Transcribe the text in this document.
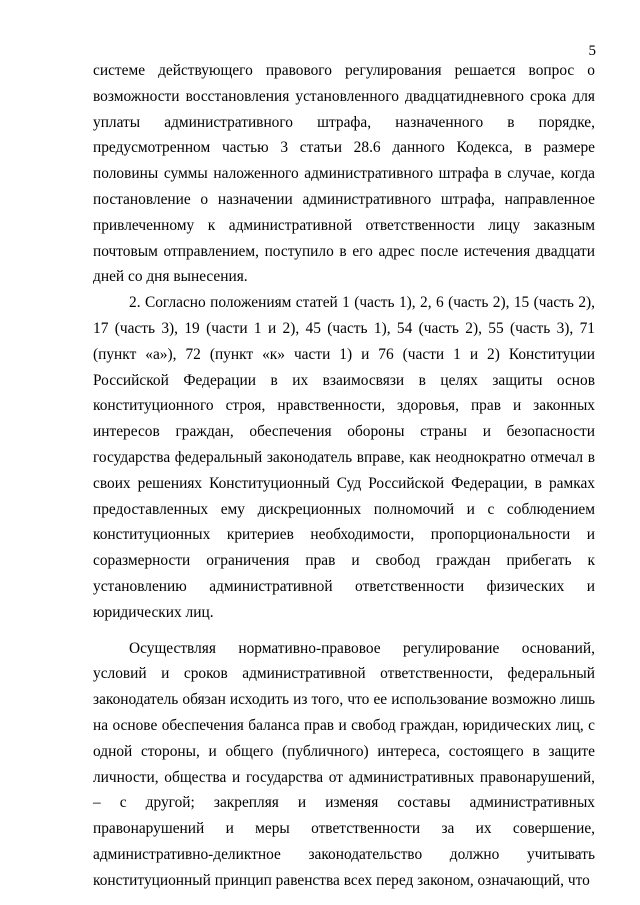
5

системе действующего правового регулирования решается вопрос о возможности восстановления установленного двадцатидневного срока для уплаты административного штрафа, назначенного в порядке, предусмотренном частью 3 статьи 28.6 данного Кодекса, в размере половины суммы наложенного административного штрафа в случае, когда постановление о назначении административного штрафа, направленное привлеченному к административной ответственности лицу заказным почтовым отправлением, поступило в его адрес после истечения двадцати дней со дня вынесения.

2. Согласно положениям статей 1 (часть 1), 2, 6 (часть 2), 15 (часть 2), 17 (часть 3), 19 (части 1 и 2), 45 (часть 1), 54 (часть 2), 55 (часть 3), 71 (пункт «а»), 72 (пункт «к» части 1) и 76 (части 1 и 2) Конституции Российской Федерации в их взаимосвязи в целях защиты основ конституционного строя, нравственности, здоровья, прав и законных интересов граждан, обеспечения обороны страны и безопасности государства федеральный законодатель вправе, как неоднократно отмечал в своих решениях Конституционный Суд Российской Федерации, в рамках предоставленных ему дискреционных полномочий и с соблюдением конституционных критериев необходимости, пропорциональности и соразмерности ограничения прав и свобод граждан прибегать к установлению административной ответственности физических и юридических лиц.

Осуществляя нормативно-правовое регулирование оснований, условий и сроков административной ответственности, федеральный законодатель обязан исходить из того, что ее использование возможно лишь на основе обеспечения баланса прав и свобод граждан, юридических лиц, с одной стороны, и общего (публичного) интереса, состоящего в защите личности, общества и государства от административных правонарушений, – с другой; закрепляя и изменяя составы административных правонарушений и меры ответственности за их совершение, административно-деликтное законодательство должно учитывать конституционный принцип равенства всех перед законом, означающий, что
